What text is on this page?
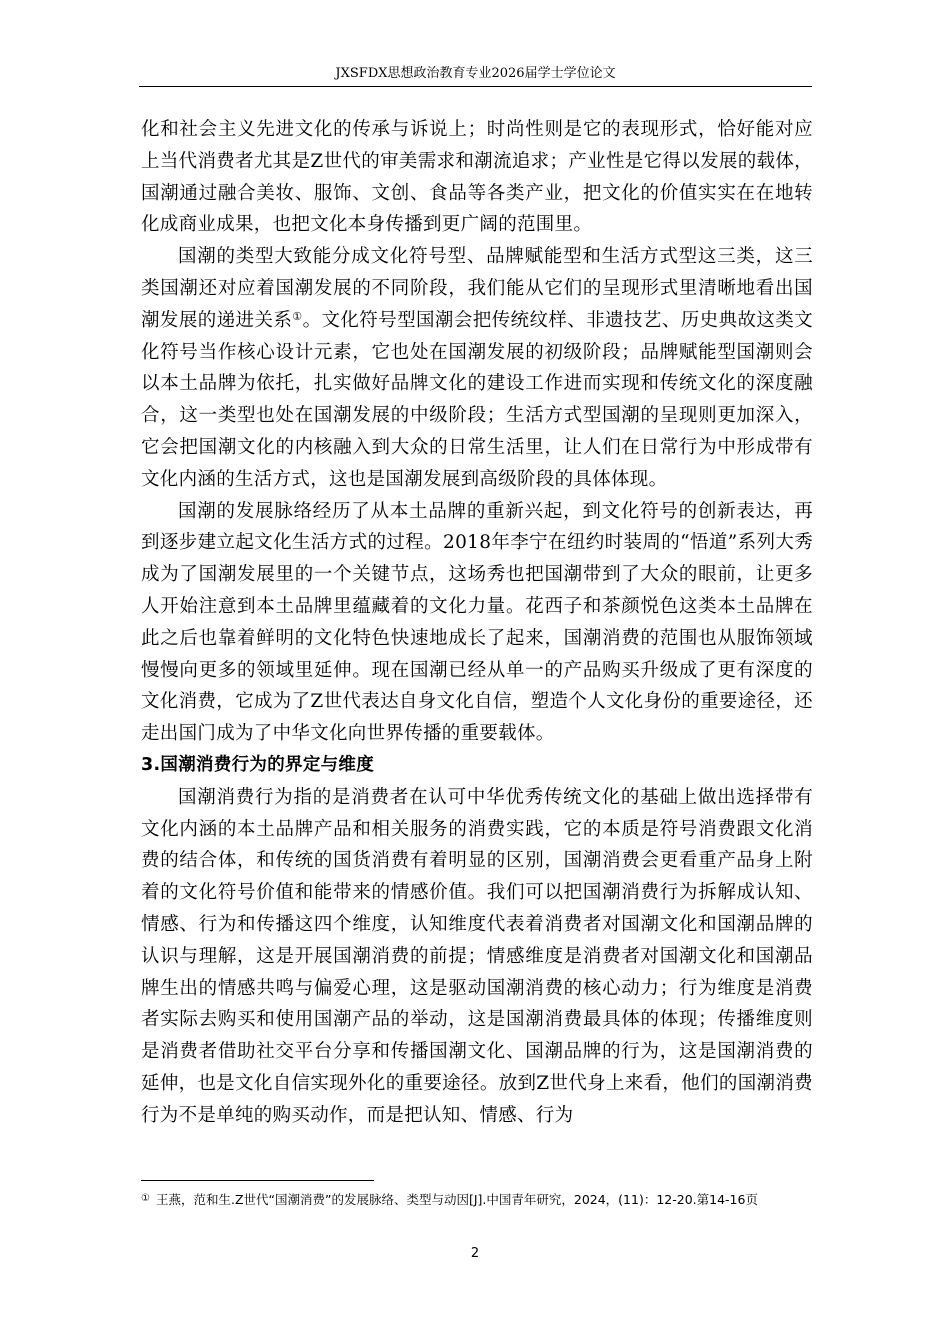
JXSFDX思想政治教育专业2026届学士学位论文

化和社会主义先进文化的传承与诉说上；时尚性则是它的表现形式，恰好能对应上当代消费者尤其是Z世代的审美需求和潮流追求；产业性是它得以发展的载体，国潮通过融合美妆、服饰、文创、食品等各类产业，把文化的价值实实在在地转化成商业成果，也把文化本身传播到更广阔的范围里。

国潮的类型大致能分成文化符号型、品牌赋能型和生活方式型这三类，这三类国潮还对应着国潮发展的不同阶段，我们能从它们的呈现形式里清晰地看出国潮发展的递进关系①。文化符号型国潮会把传统纹样、非遗技艺、历史典故这类文化符号当作核心设计元素，它也处在国潮发展的初级阶段；品牌赋能型国潮则会以本土品牌为依托，扎实做好品牌文化的建设工作进而实现和传统文化的深度融合，这一类型也处在国潮发展的中级阶段；生活方式型国潮的呈现则更加深入，它会把国潮文化的内核融入到大众的日常生活里，让人们在日常行为中形成带有文化内涵的生活方式，这也是国潮发展到高级阶段的具体体现。

国潮的发展脉络经历了从本土品牌的重新兴起，到文化符号的创新表达，再到逐步建立起文化生活方式的过程。2018年李宁在纽约时装周的“悟道”系列大秀成为了国潮发展里的一个关键节点，这场秀也把国潮带到了大众的眼前，让更多人开始注意到本土品牌里蕴藏着的文化力量。花西子和茶颜悦色这类本土品牌在此之后也靠着鲜明的文化特色快速地成长了起来，国潮消费的范围也从服饰领域慢慢向更多的领域里延伸。现在国潮已经从单一的产品购买升级成了更有深度的文化消费，它成为了Z世代表达自身文化自信，塑造个人文化身份的重要途径，还走出国门成为了中华文化向世界传播的重要载体。

3.国潮消费行为的界定与维度

国潮消费行为指的是消费者在认可中华优秀传统文化的基础上做出选择带有文化内涵的本土品牌产品和相关服务的消费实践，它的本质是符号消费跟文化消费的结合体，和传统的国货消费有着明显的区别，国潮消费会更看重产品身上附着的文化符号价值和能带来的情感价值。我们可以把国潮消费行为拆解成认知、情感、行为和传播这四个维度，认知维度代表着消费者对国潮文化和国潮品牌的认识与理解，这是开展国潮消费的前提；情感维度是消费者对国潮文化和国潮品牌生出的情感共鸣与偏爱心理，这是驱动国潮消费的核心动力；行为维度是消费者实际去购买和使用国潮产品的举动，这是国潮消费最具体的体现；传播维度则是消费者借助社交平台分享和传播国潮文化、国潮品牌的行为，这是国潮消费的延伸，也是文化自信实现外化的重要途径。放到Z世代身上来看，他们的国潮消费行为不是单纯的购买动作，而是把认知、情感、行为

① 王燕，范和生.Z世代“国潮消费”的发展脉络、类型与动因[J].中国青年研究，2024，(11)：12-20.第14-16页
2
